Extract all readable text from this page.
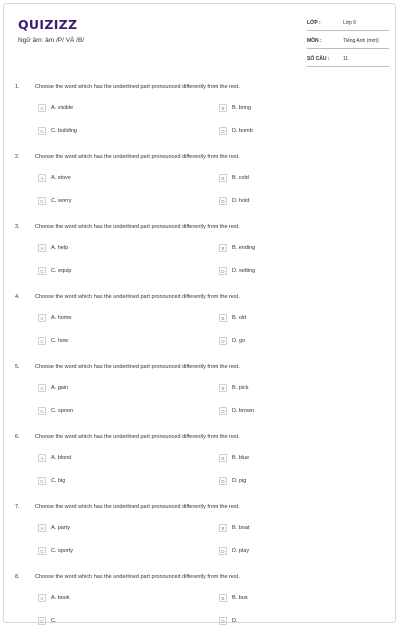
QUIZIZZ
Ngữ âm: âm /P/ VÀ /B/
LỚP :	Lớp 6
MÔN :	Tiếng Anh (mới)
SỐ CÂU :	11
1.	Choose the word which has the underlined part pronounced differently from the rest.
A	A. visible	B	B. bring
C	C. building	D	D. bomb
2.	Choose the word which has the underlined part pronounced differently from the rest.
A	A. stove	B	B. cold
C	C. worry	D	D. hold
3.	Choose the word which has the underlined part pronounced differently from the rest.
A	A. help	B	B. ending
C	C. equip	D	D. setting
4.	Choose the word which has the underlined part pronounced differently from the rest.
A	A. home	B	B. old
C	C. how	D	D. go
5.	Choose the word which has the underlined part pronounced differently from the rest.
A	A. gain	B	B. pick
C	C. spoon	D	D. brown
6.	Choose the word which has the underlined part pronounced differently from the rest.
A	A. blond	B	B. blue
C	C. big	D	D. pig
7.	Choose the word which has the underlined part pronounced differently from the rest.
A	A. party	B	B. boat
C	C. sporty	D	D. play
8.	Choose the word which has the underlined part pronounced differently from the rest.
A	A. book	B	B. bus
C	C.	D	D.
